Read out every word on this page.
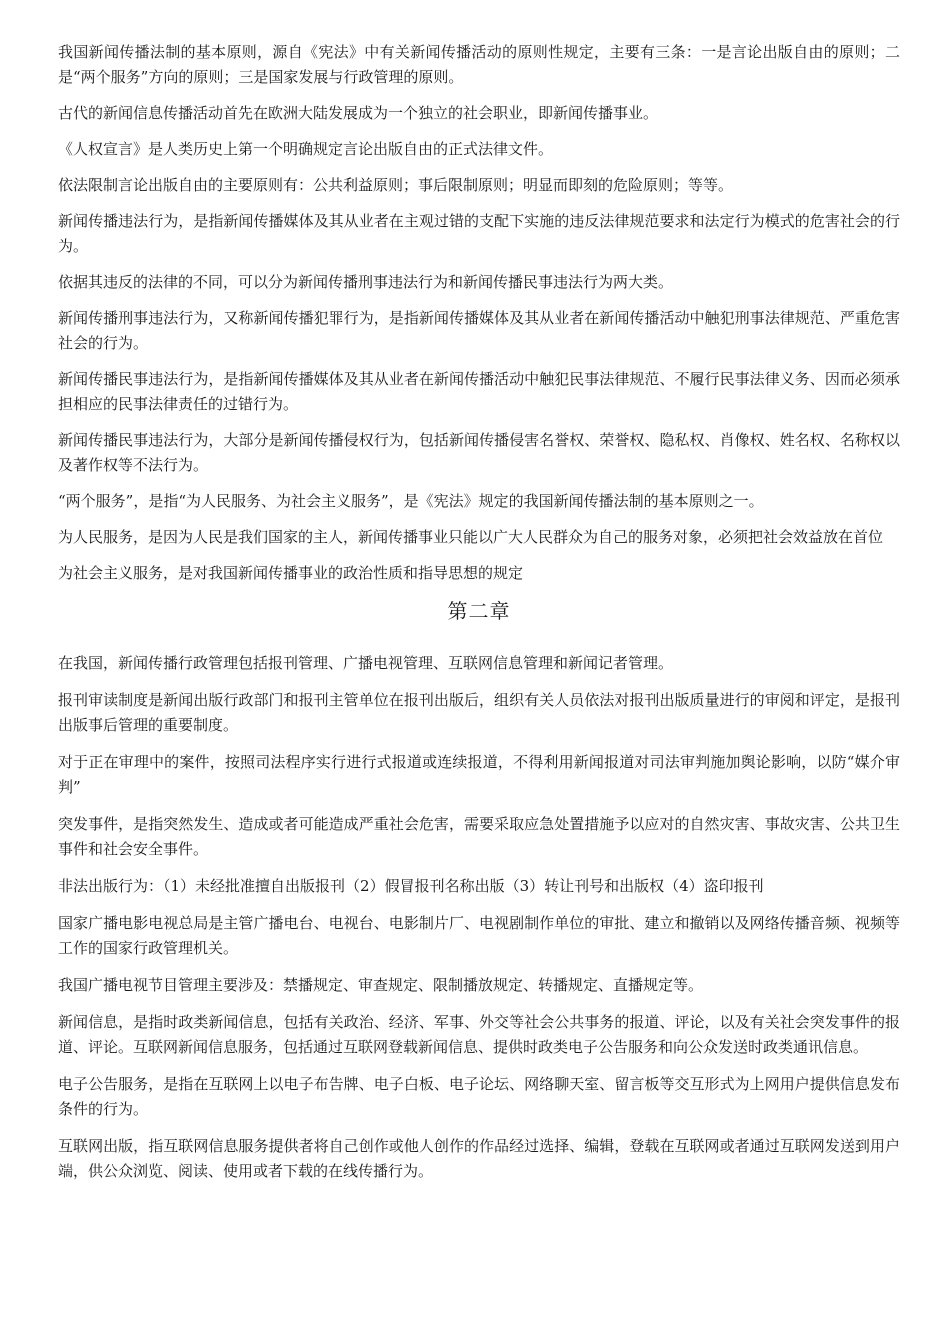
我国新闻传播法制的基本原则，源自《宪法》中有关新闻传播活动的原则性规定，主要有三条：一是言论出版自由的原则；二是“两个服务”方向的原则；三是国家发展与行政管理的原则。

古代的新闻信息传播活动首先在欧洲大陆发展成为一个独立的社会职业，即新闻传播事业。

《人权宣言》是人类历史上第一个明确规定言论出版自由的正式法律文件。

依法限制言论出版自由的主要原则有：公共利益原则；事后限制原则；明显而即刻的危险原则；等等。

新闻传播违法行为，是指新闻传播媒体及其从业者在主观过错的支配下实施的违反法律规范要求和法定行为模式的危害社会的行为。

依据其违反的法律的不同，可以分为新闻传播刑事违法行为和新闻传播民事违法行为两大类。

新闻传播刑事违法行为，又称新闻传播犯罪行为，是指新闻传播媒体及其从业者在新闻传播活动中触犯刑事法律规范、严重危害社会的行为。

新闻传播民事违法行为，是指新闻传播媒体及其从业者在新闻传播活动中触犯民事法律规范、不履行民事法律义务、因而必须承担相应的民事法律责任的过错行为。

新闻传播民事违法行为，大部分是新闻传播侵权行为，包括新闻传播侵害名誉权、荣誉权、隐私权、肖像权、姓名权、名称权以及著作权等不法行为。

“两个服务”，是指“为人民服务、为社会主义服务”，是《宪法》规定的我国新闻传播法制的基本原则之一。

为人民服务，是因为人民是我们国家的主人，新闻传播事业只能以广大人民群众为自己的服务对象，必须把社会效益放在首位

为社会主义服务，是对我国新闻传播事业的政治性质和指导思想的规定

第二章

在我国，新闻传播行政管理包括报刊管理、广播电视管理、互联网信息管理和新闻记者管理。

报刊审读制度是新闻出版行政部门和报刊主管单位在报刊出版后，组织有关人员依法对报刊出版质量进行的审阅和评定，是报刊出版事后管理的重要制度。

对于正在审理中的案件，按照司法程序实行进行式报道或连续报道，不得利用新闻报道对司法审判施加舆论影响，以防“媒介审判”

突发事件，是指突然发生、造成或者可能造成严重社会危害，需要采取应急处置措施予以应对的自然灾害、事故灾害、公共卫生事件和社会安全事件。

非法出版行为：（1）未经批准擅自出版报刊（2）假冒报刊名称出版（3）转让刊号和出版权（4）盗印报刊

国家广播电影电视总局是主管广播电台、电视台、电影制片厂、电视剧制作单位的审批、建立和撤销以及网络传播音频、视频等工作的国家行政管理机关。

我国广播电视节目管理主要涉及：禁播规定、审查规定、限制播放规定、转播规定、直播规定等。

新闻信息，是指时政类新闻信息，包括有关政治、经济、军事、外交等社会公共事务的报道、评论，以及有关社会突发事件的报道、评论。互联网新闻信息服务，包括通过互联网登载新闻信息、提供时政类电子公告服务和向公众发送时政类通讯信息。

电子公告服务，是指在互联网上以电子布告牌、电子白板、电子论坛、网络聊天室、留言板等交互形式为上网用户提供信息发布条件的行为。

互联网出版，指互联网信息服务提供者将自己创作或他人创作的作品经过选择、编辑，登载在互联网或者通过互联网发送到用户端，供公众浏览、阅读、使用或者下载的在线传播行为。
